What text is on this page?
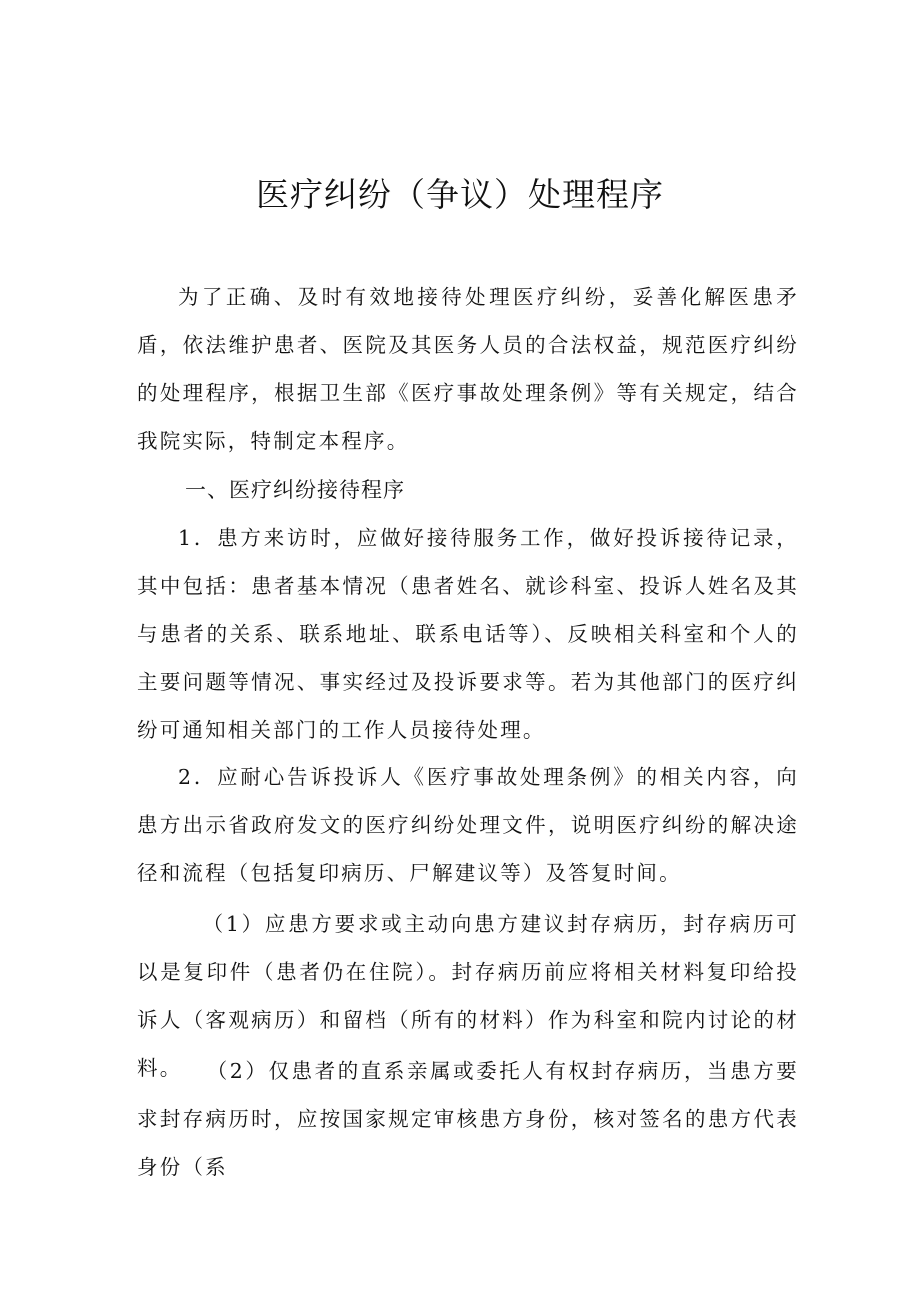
医疗纠纷（争议）处理程序

为了正确、及时有效地接待处理医疗纠纷，妥善化解医患矛盾，依法维护患者、医院及其医务人员的合法权益，规范医疗纠纷的处理程序，根据卫生部《医疗事故处理条例》等有关规定，结合我院实际，特制定本程序。

一、医疗纠纷接待程序

1．患方来访时，应做好接待服务工作，做好投诉接待记录，其中包括：患者基本情况（患者姓名、就诊科室、投诉人姓名及其与患者的关系、联系地址、联系电话等）、反映相关科室和个人的主要问题等情况、事实经过及投诉要求等。若为其他部门的医疗纠纷可通知相关部门的工作人员接待处理。

2．应耐心告诉投诉人《医疗事故处理条例》的相关内容，向患方出示省政府发文的医疗纠纷处理文件，说明医疗纠纷的解决途径和流程（包括复印病历、尸解建议等）及答复时间。

（1）应患方要求或主动向患方建议封存病历，封存病历可以是复印件（患者仍在住院）。封存病历前应将相关材料复印给投诉人（客观病历）和留档（所有的材料）作为科室和院内讨论的材料。	（2）仅患者的直系亲属或委托人有权封存病历，当患方要求封存病历时，应按国家规定审核患方身份，核对签名的患方代表身份（系
